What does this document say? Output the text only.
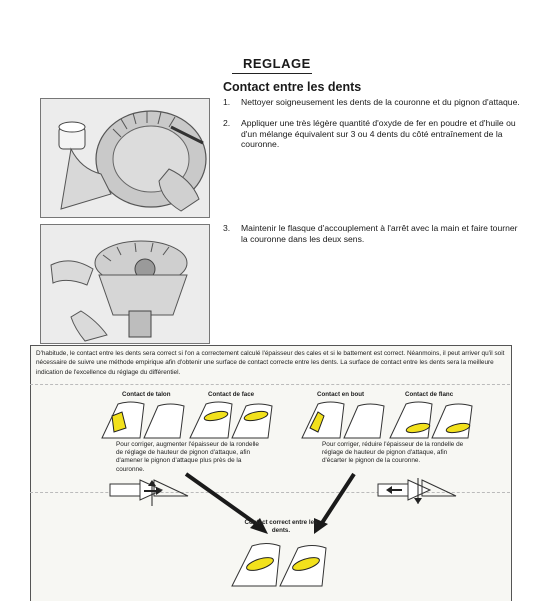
REGLAGE
Contact entre les dents
1. Nettoyer soigneusement les dents de la couronne et du pignon d'attaque.
2. Appliquer une très légère quantité d'oxyde de fer en poudre et d'huile ou d'un mélange équivalent sur 3 ou 4 dents du côté entraînement de la couronne.
3. Maintenir le flasque d'accouplement à l'arrêt avec la main et faire tourner la couronne dans les deux sens.
D'habitude, le contact entre les dents sera correct si l'on a correctement calculé l'épaisseur des cales et si le battement est correct. Néanmoins, il peut arriver qu'il soit nécessaire de suivre une méthode empirique afin d'obtenir une surface de contact correcte entre les dents. La surface de contact entre les dents sera la meilleure indication de l'excellence du réglage du différentiel.
Contact de talon	Contact de face	Contact en bout	Contact de flanc
Pour corriger, augmenter l'épaisseur de la rondelle de réglage de hauteur de pignon d'attaque, afin d'amener le pignon d'attaque plus près de la couronne.
Pour corriger, réduire l'épaisseur de la rondelle de réglage de hauteur de pignon d'attaque, afin d'écarter le pignon de la couronne.
Contact correct entre les dents.
